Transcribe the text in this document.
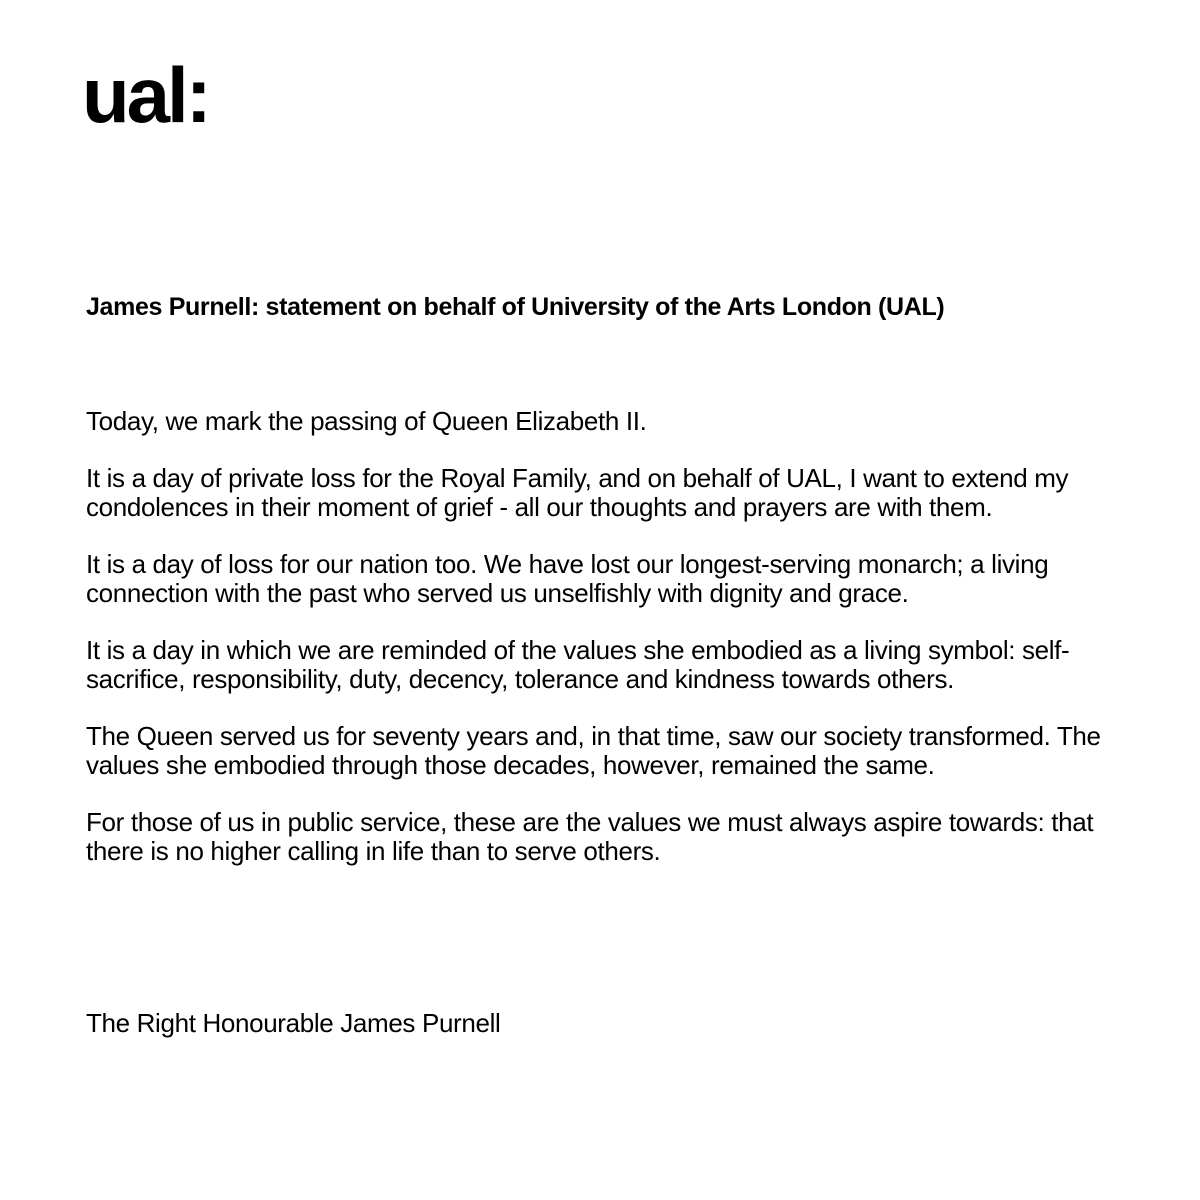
ual:
James Purnell: statement on behalf of University of the Arts London (UAL)

Today, we mark the passing of Queen Elizabeth II.

It is a day of private loss for the Royal Family, and on behalf of UAL, I want to extend my condolences in their moment of grief - all our thoughts and prayers are with them.

It is a day of loss for our nation too. We have lost our longest-serving monarch; a living connection with the past who served us unselfishly with dignity and grace.

It is a day in which we are reminded of the values she embodied as a living symbol: self-sacrifice, responsibility, duty, decency, tolerance and kindness towards others.

The Queen served us for seventy years and, in that time, saw our society transformed. The values she embodied through those decades, however, remained the same.

For those of us in public service, these are the values we must always aspire towards: that there is no higher calling in life than to serve others.

The Right Honourable James Purnell
